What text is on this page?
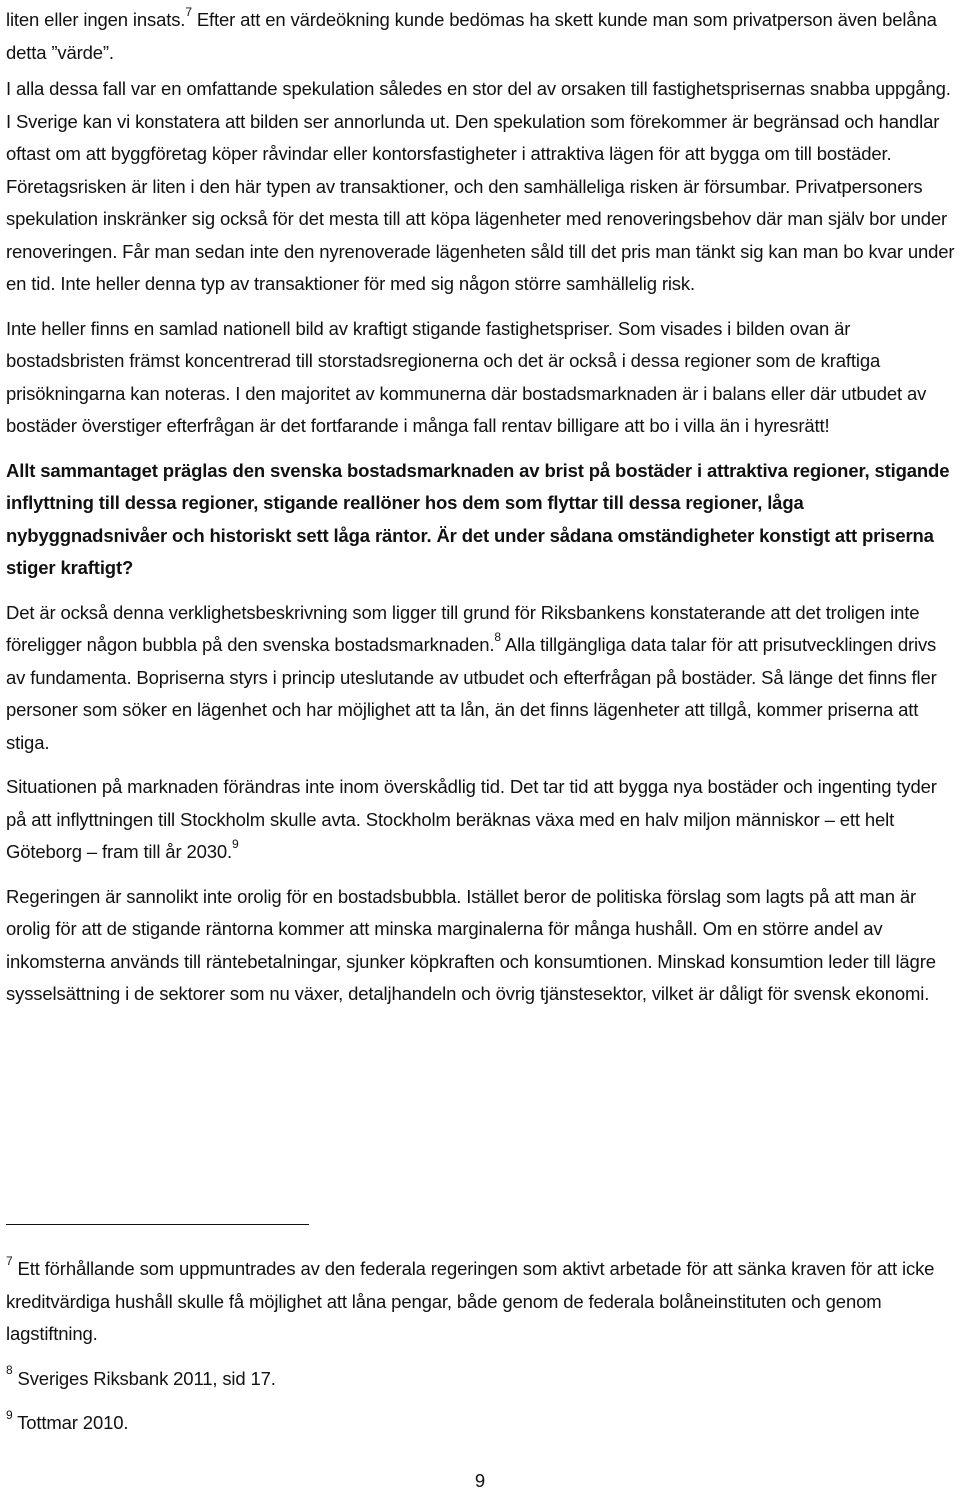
liten eller ingen insats.$^7$ Efter att en värdeökning kunde bedömas ha skett kunde man som privatperson även belåna detta ”värde”.

I alla dessa fall var en omfattande spekulation således en stor del av orsaken till fastighetsprisernas snabba uppgång. I Sverige kan vi konstatera att bilden ser annorlunda ut. Den spekulation som förekommer är begränsad och handlar oftast om att byggföretag köper råvindar eller kontorsfastigheter i attraktiva lägen för att bygga om till bostäder. Företagsrisken är liten i den här typen av transaktioner, och den samhälleliga risken är försumbar. Privatpersoners spekulation inskränker sig också för det mesta till att köpa lägenheter med renoveringsbehov där man själv bor under renoveringen. Får man sedan inte den nyrenoverade lägenheten såld till det pris man tänkt sig kan man bo kvar under en tid. Inte heller denna typ av transaktioner för med sig någon större samhällelig risk.

Inte heller finns en samlad nationell bild av kraftigt stigande fastighetspriser. Som visades i bilden ovan är bostadsbristen främst koncentrerad till storstadsregionerna och det är också i dessa regioner som de kraftiga prisökningarna kan noteras. I den majoritet av kommunerna där bostadsmarknaden är i balans eller där utbudet av bostäder överstiger efterfrågan är det fortfarande i många fall rentav billigare att bo i villa än i hyresrätt!

Allt sammantaget präglas den svenska bostadsmarknaden av brist på bostäder i attraktiva regioner, stigande inflyttning till dessa regioner, stigande reallöner hos dem som flyttar till dessa regioner, låga nybyggnadsnivåer och historiskt sett låga räntor. Är det under sådana omständigheter konstigt att priserna stiger kraftigt?

Det är också denna verklighetsbeskrivning som ligger till grund för Riksbankens konstaterande att det troligen inte föreligger någon bubbla på den svenska bostadsmarknaden.$^8$ Alla tillgängliga data talar för att prisutvecklingen drivs av fundamenta. Bopriserna styrs i princip uteslutande av utbudet och efterfrågan på bostäder. Så länge det finns fler personer som söker en lägenhet och har möjlighet att ta lån, än det finns lägenheter att tillgå, kommer priserna att stiga.

Situationen på marknaden förändras inte inom överskådlig tid. Det tar tid att bygga nya bostäder och ingenting tyder på att inflyttningen till Stockholm skulle avta. Stockholm beräknas växa med en halv miljon människor – ett helt Göteborg – fram till år 2030.$^9$

Regeringen är sannolikt inte orolig för en bostadsbubbla. Istället beror de politiska förslag som lagts på att man är orolig för att de stigande räntorna kommer att minska marginalerna för många hushåll. Om en större andel av inkomsterna används till räntebetalningar, sjunker köpkraften och konsumtionen. Minskad konsumtion leder till lägre sysselsättning i de sektorer som nu växer, detaljhandeln och övrig tjänstesektor, vilket är dåligt för svensk ekonomi.

$^7$ Ett förhållande som uppmuntrades av den federala regeringen som aktivt arbetade för att sänka kraven för att icke kreditvärdiga hushåll skulle få möjlighet att låna pengar, både genom de federala bolåneinstituten och genom lagstiftning.

$^8$ Sveriges Riksbank 2011, sid 17.

$^9$ Tottmar 2010.

9
